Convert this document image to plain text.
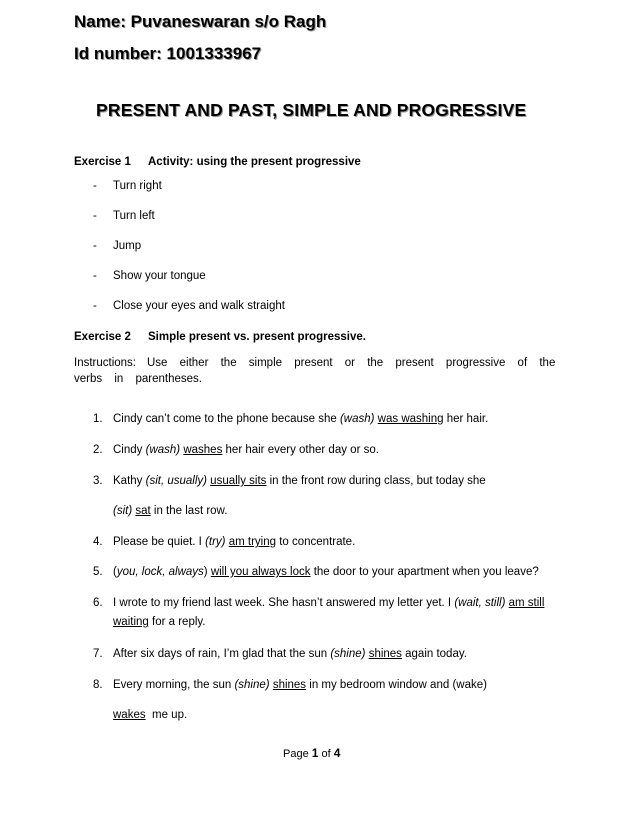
Name: Puvaneswaran s/o Ragh
Id number: 1001333967
PRESENT AND PAST, SIMPLE AND PROGRESSIVE
Exercise 1 Activity: using the present progressive
- Turn right
- Turn left
- Jump
- Show your tongue
- Close your eyes and walk straight
Exercise 2 Simple present vs. present progressive.
Instructions: Use either the simple present or the present progressive of the verbs in parentheses.
1. Cindy can’t come to the phone because she (wash) was washing her hair.
2. Cindy (wash) washes her hair every other day or so.
3. Kathy (sit, usually) usually sits in the front row during class, but today she
(sit) sat in the last row.
4. Please be quiet. I (try) am trying to concentrate.
5. (you, lock, always) will you always lock the door to your apartment when you leave?
6. I wrote to my friend last week. She hasn’t answered my letter yet. I (wait, still) am still
waiting for a reply.
7. After six days of rain, I’m glad that the sun (shine) shines again today.
8. Every morning, the sun (shine) shines in my bedroom window and (wake)
wakes  me up.
Page 1 of 4
